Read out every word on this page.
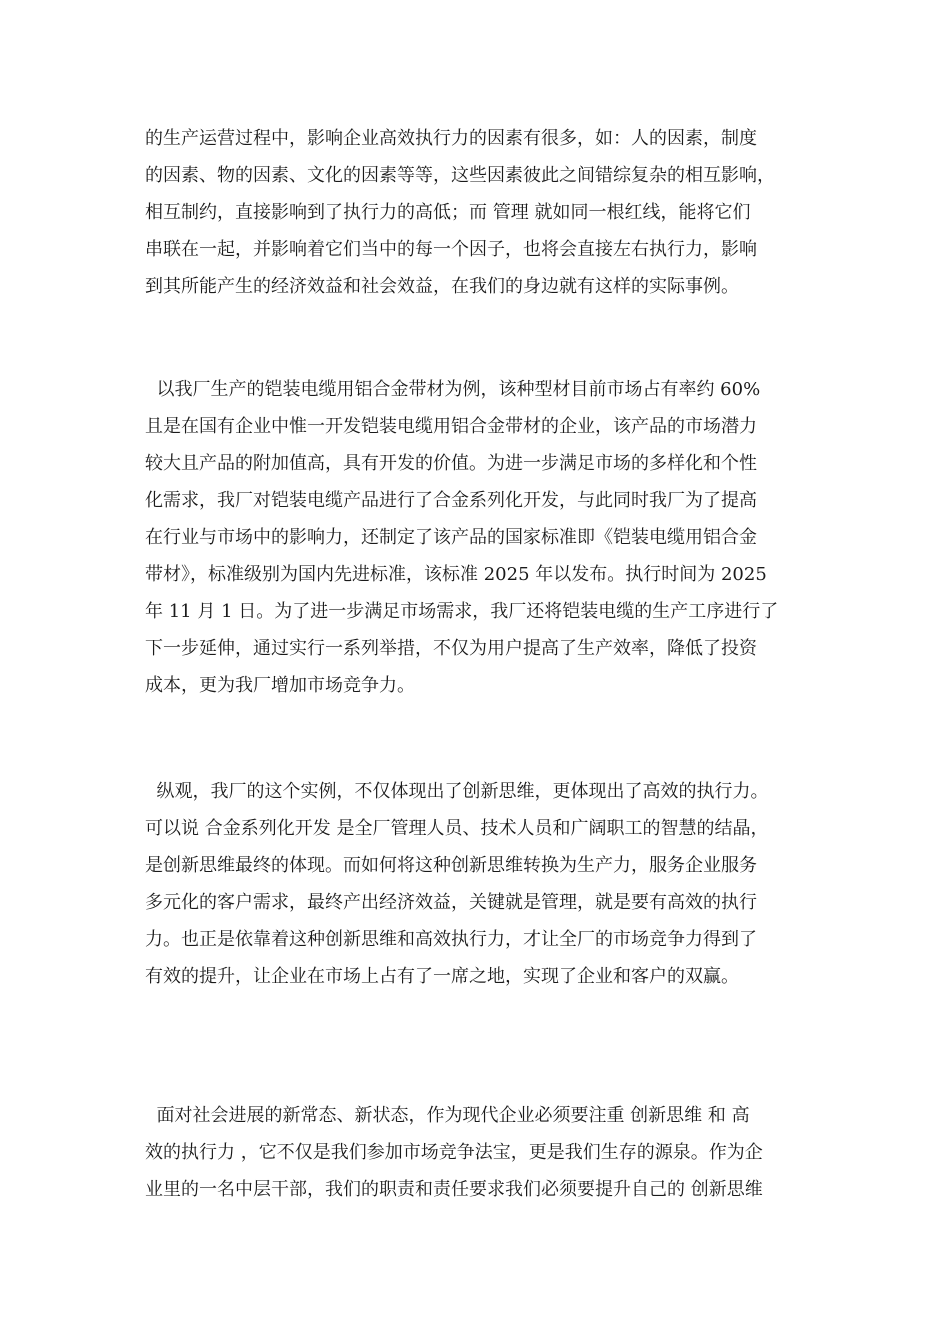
的生产运营过程中，影响企业高效执行力的因素有很多，如：人的因素，制度
的因素、物的因素、文化的因素等等，这些因素彼此之间错综复杂的相互影响，
相互制约，直接影响到了执行力的高低；而 管理 就如同一根红线，能将它们
串联在一起，并影响着它们当中的每一个因子，也将会直接左右执行力，影响
到其所能产生的经济效益和社会效益，在我们的身边就有这样的实际事例。
以我厂生产的铠装电缆用铝合金带材为例，该种型材目前市场占有率约 60%
且是在国有企业中惟一开发铠装电缆用铝合金带材的企业，该产品的市场潜力
较大且产品的附加值高，具有开发的价值。为进一步满足市场的多样化和个性
化需求，我厂对铠装电缆产品进行了合金系列化开发，与此同时我厂为了提高
在行业与市场中的影响力，还制定了该产品的国家标准即《铠装电缆用铝合金
带材》，标准级别为国内先进标准，该标准 2025 年以发布。执行时间为 2025
年 11 月 1 日。为了进一步满足市场需求，我厂还将铠装电缆的生产工序进行了
下一步延伸，通过实行一系列举措，不仅为用户提高了生产效率，降低了投资
成本，更为我厂增加市场竞争力。
纵观，我厂的这个实例，不仅体现出了创新思维，更体现出了高效的执行力。
可以说 合金系列化开发 是全厂管理人员、技术人员和广阔职工的智慧的结晶，
是创新思维最终的体现。而如何将这种创新思维转换为生产力，服务企业服务
多元化的客户需求，最终产出经济效益，关键就是管理，就是要有高效的执行
力。也正是依靠着这种创新思维和高效执行力，才让全厂的市场竞争力得到了
有效的提升，让企业在市场上占有了一席之地，实现了企业和客户的双赢。
面对社会进展的新常态、新状态，作为现代企业必须要注重 创新思维 和 高
效的执行力 ，它不仅是我们参加市场竞争法宝，更是我们生存的源泉。作为企
业里的一名中层干部，我们的职责和责任要求我们必须要提升自己的 创新思维
